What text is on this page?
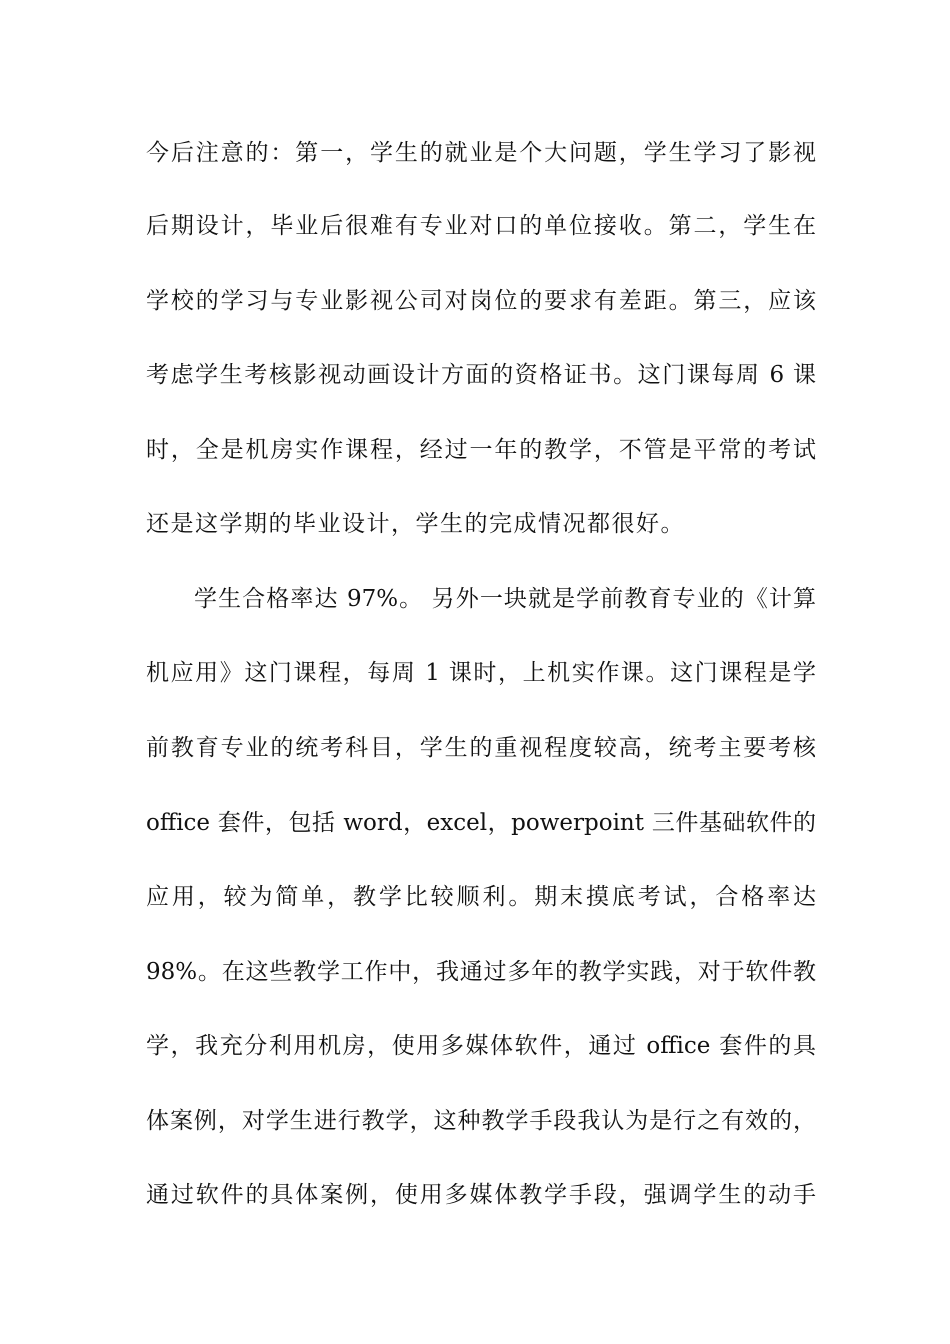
今后注意的：第一，学生的就业是个大问题，学生学习了影视
后期设计，毕业后很难有专业对口的单位接收。第二，学生在
学校的学习与专业影视公司对岗位的要求有差距。第三，应该
考虑学生考核影视动画设计方面的资格证书。这门课每周 6 课
时，全是机房实作课程，经过一年的教学，不管是平常的考试
还是这学期的毕业设计，学生的完成情况都很好。
学生合格率达 97%。 另外一块就是学前教育专业的《计算
机应用》这门课程，每周 1 课时，上机实作课。这门课程是学
前教育专业的统考科目，学生的重视程度较高，统考主要考核
office 套件，包括 word，excel，powerpoint 三件基础软件的
应用，较为简单，教学比较顺利。期末摸底考试，合格率达
98%。在这些教学工作中，我通过多年的教学实践，对于软件教
学，我充分利用机房，使用多媒体软件，通过 office 套件的具
体案例，对学生进行教学，这种教学手段我认为是行之有效的，
通过软件的具体案例，使用多媒体教学手段，强调学生的动手
